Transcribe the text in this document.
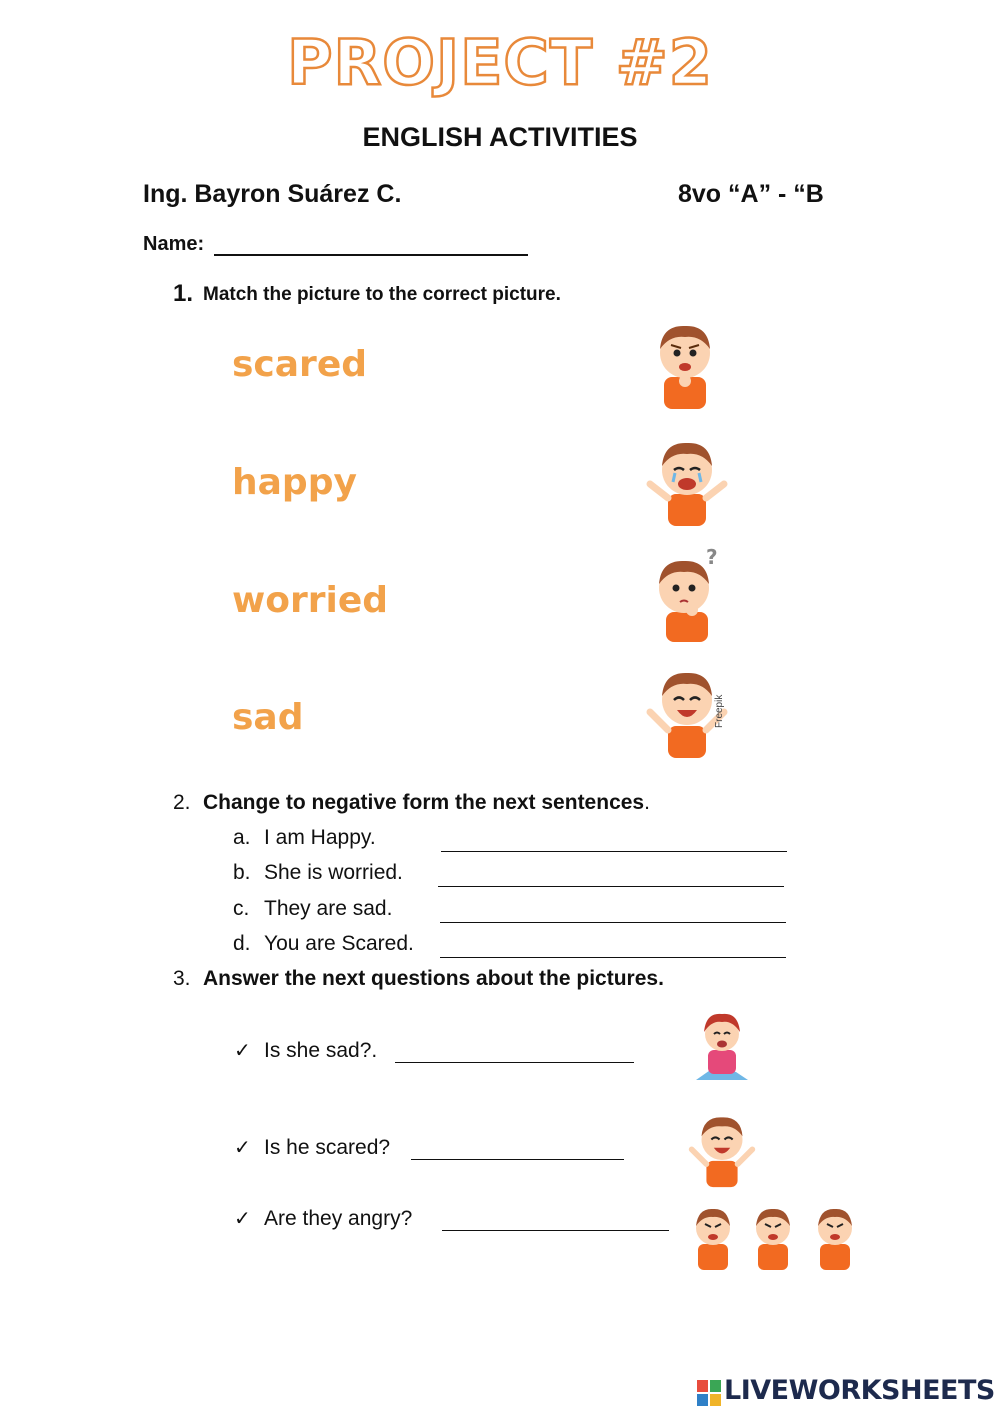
PROJECT #2
ENGLISH ACTIVITIES
Ing. Bayron Suárez C.	8vo “A” - “B
Name:
1. Match the picture to the correct picture.
scared
happy
worried
sad
?
Freepik
2. Change to negative form the next sentences.
a. I am Happy.
b. She is worried.
c. They are sad.
d. You are Scared.
3. Answer the next questions about the pictures.
✓ Is she sad?.
✓ Is he scared?
✓ Are they angry?
LIVEWORKSHEETS
